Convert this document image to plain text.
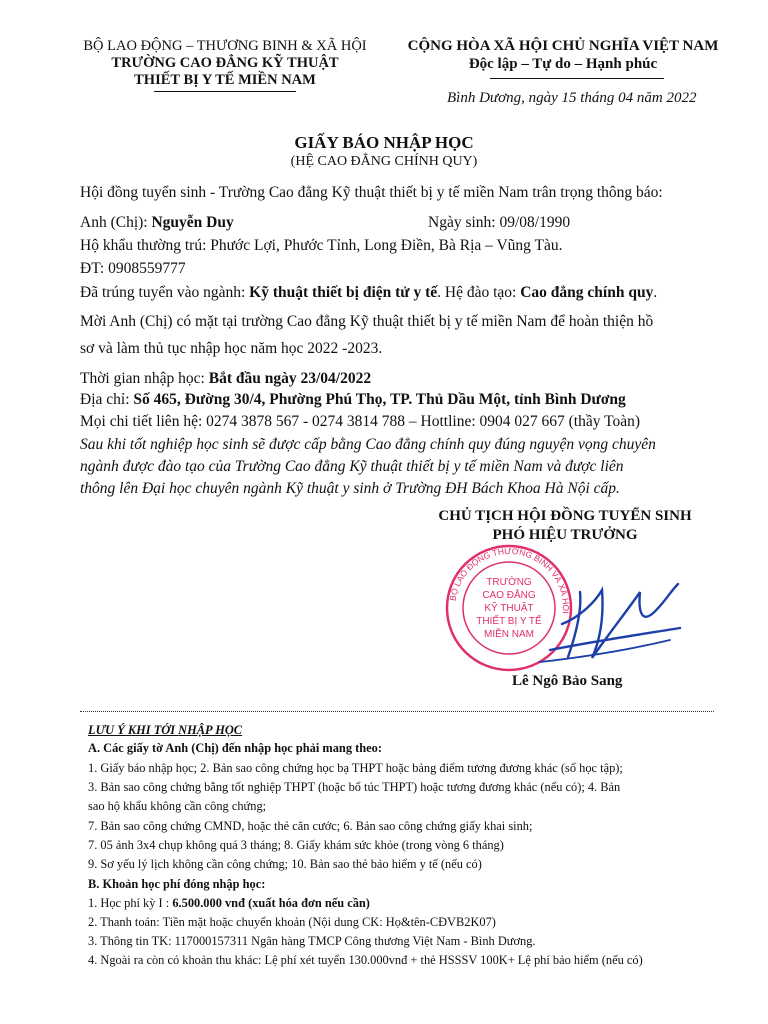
BỘ LAO ĐỘNG – THƯƠNG BINH & XÃ HỘI
TRƯỜNG CAO ĐẲNG KỸ THUẬT
THIẾT BỊ Y TẾ MIỀN NAM
CỘNG HÒA XÃ HỘI CHỦ NGHĨA VIỆT NAM
Độc lập – Tự do – Hạnh phúc
Bình Dương, ngày 15 tháng 04 năm 2022
GIẤY BÁO NHẬP HỌC
(HỆ CAO ĐẲNG CHÍNH QUY)
Hội đồng tuyển sinh - Trường Cao đẳng Kỹ thuật thiết bị y tế miền Nam trân trọng thông báo:
Anh (Chị): Nguyễn Duy	Ngày sinh: 09/08/1990
Hộ khẩu thường trú: Phước Lợi, Phước Tỉnh, Long Điền, Bà Rịa – Vũng Tàu.
ĐT: 0908559777
Đã trúng tuyển vào ngành: Kỹ thuật thiết bị điện tử y tế. Hệ đào tạo: Cao đẳng chính quy.
Mời Anh (Chị) có mặt tại trường Cao đẳng Kỹ thuật thiết bị y tế miền Nam để hoàn thiện hồ
sơ và làm thủ tục nhập học năm học 2022 -2023.
Thời gian nhập học: Bắt đầu ngày 23/04/2022
Địa chỉ: Số 465, Đường 30/4, Phường Phú Thọ, TP. Thủ Dầu Một, tỉnh Bình Dương
Mọi chi tiết liên hệ: 0274 3878 567 - 0274 3814 788 – Hottline: 0904 027 667 (thầy Toàn)
Sau khi tốt nghiệp học sinh sẽ được cấp bằng Cao đẳng chính quy đúng nguyện vọng chuyên
ngành được đào tạo của Trường Cao đẳng Kỹ thuật thiết bị y tế miền Nam và được liên
thông lên Đại học chuyên ngành Kỹ thuật y sinh ở Trường ĐH Bách Khoa Hà Nội cấp.
CHỦ TỊCH HỘI ĐỒNG TUYỂN SINH
PHÓ HIỆU TRƯỞNG
BỘ LAO ĐỘNG THƯƠNG BINH VÀ XÃ HỘI
TRƯỜNG
CAO ĐẲNG
KỸ THUẬT
THIẾT BỊ Y TẾ
MIỀN NAM
Lê Ngô Bảo Sang
LƯU Ý KHI TỚI NHẬP HỌC
A. Các giấy tờ Anh (Chị) đến nhập học phải mang theo:
1. Giấy báo nhập học; 2. Bản sao công chứng học bạ THPT hoặc bảng điểm tương đương khác (sổ học tập);
3. Bản sao công chứng bằng tốt nghiệp THPT (hoặc bổ túc THPT) hoặc tương đương khác (nếu có); 4. Bản
sao hộ khẩu không cần công chứng;
7. Bản sao công chứng CMND, hoặc thẻ căn cước; 6. Bản sao công chứng giấy khai sinh;
7. 05 ảnh 3x4 chụp không quá 3 tháng; 8. Giấy khám sức khỏe (trong vòng 6 tháng)
9. Sơ yếu lý lịch không cần công chứng; 10. Bản sao thẻ bảo hiểm y tế (nếu có)
B. Khoản học phí đóng nhập học:
1. Học phí kỳ I : 6.500.000 vnđ (xuất hóa đơn nếu cần)
2. Thanh toán: Tiền mặt hoặc chuyển khoản (Nội dung CK: Họ&tên-CĐVB2K07)
3. Thông tin TK: 117000157311 Ngân hàng TMCP Công thương Việt Nam - Bình Dương.
4. Ngoài ra còn có khoản thu khác: Lệ phí xét tuyển 130.000vnđ + thẻ HSSSV 100K+ Lệ phí bảo hiểm (nếu có)
